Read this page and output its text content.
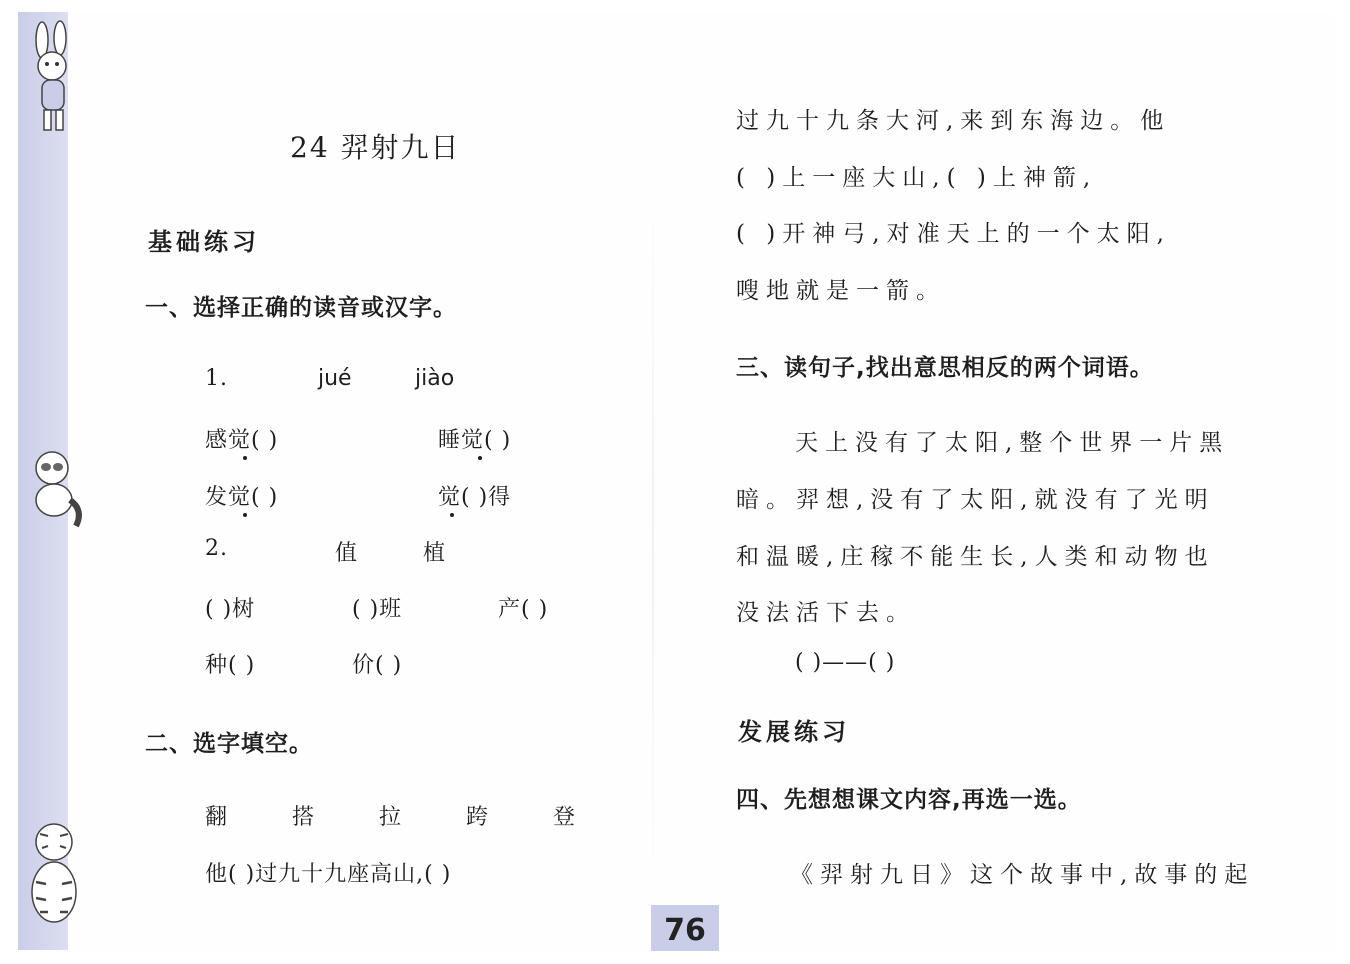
24 羿射九日
基础练习
一、选择正确的读音或汉字。
1.	jué	jiào
感觉( )	睡觉( )
发觉( )	觉( )得
2.	值	植
( )树	( )班	产( )
种( )	价( )
二、选字填空。
翻	搭	拉	跨	登
他( )过九十九座高山,( )
过九十九条大河,来到东海边。他
( )上一座大山,( )上神箭,
( )开神弓,对准天上的一个太阳,
嗖地就是一箭。
三、读句子,找出意思相反的两个词语。
天上没有了太阳,整个世界一片黑
暗。羿想,没有了太阳,就没有了光明
和温暖,庄稼不能生长,人类和动物也
没法活下去。
( )——( )
发展练习
四、先想想课文内容,再选一选。
《羿射九日》这个故事中,故事的起
76
